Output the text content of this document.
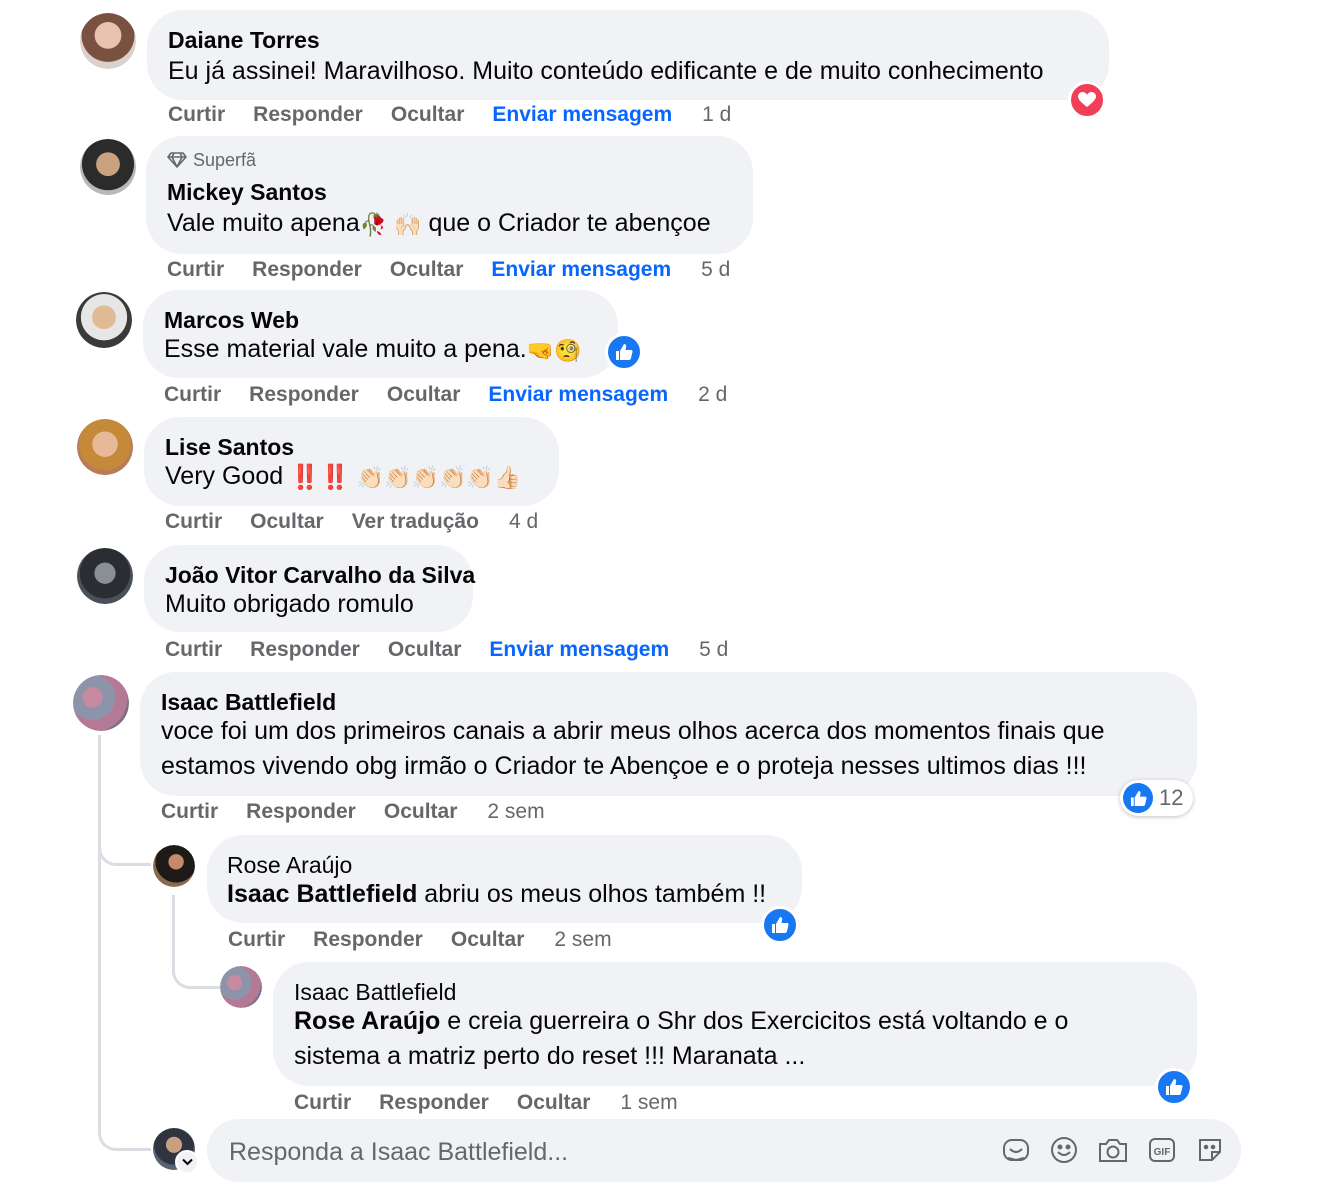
Daiane Torres
Eu já assinei! Maravilhoso. Muito conteúdo edificante e de muito conhecimento
Curtir Responder Ocultar Enviar mensagem 1 d
Superfã
Mickey Santos
Vale muito apena🥀 🙌🏻 que o Criador te abençoe
Curtir Responder Ocultar Enviar mensagem 5 d
Marcos Web
Esse material vale muito a pena.🤜🧐
Curtir Responder Ocultar Enviar mensagem 2 d
Lise Santos
Very Good ‼️‼️ 👏🏻👏🏻👏🏻👏🏻👏🏻👍🏻
Curtir Ocultar Ver tradução 4 d
João Vitor Carvalho da Silva
Muito obrigado romulo
Curtir Responder Ocultar Enviar mensagem 5 d
Isaac Battlefield
voce foi um dos primeiros canais a abrir meus olhos acerca dos momentos finais que
estamos vivendo obg irmão o Criador te Abençoe e o proteja nesses ultimos dias !!!
12
Curtir Responder Ocultar 2 sem
Rose Araújo
Isaac Battlefield abriu os meus olhos também !!
Curtir Responder Ocultar 2 sem
Isaac Battlefield
Rose Araújo e creia guerreira o Shr dos Exercicitos está voltando e o
sistema a matriz perto do reset !!! Maranata ...
Curtir Responder Ocultar 1 sem
Responda a Isaac Battlefield...
GIF
